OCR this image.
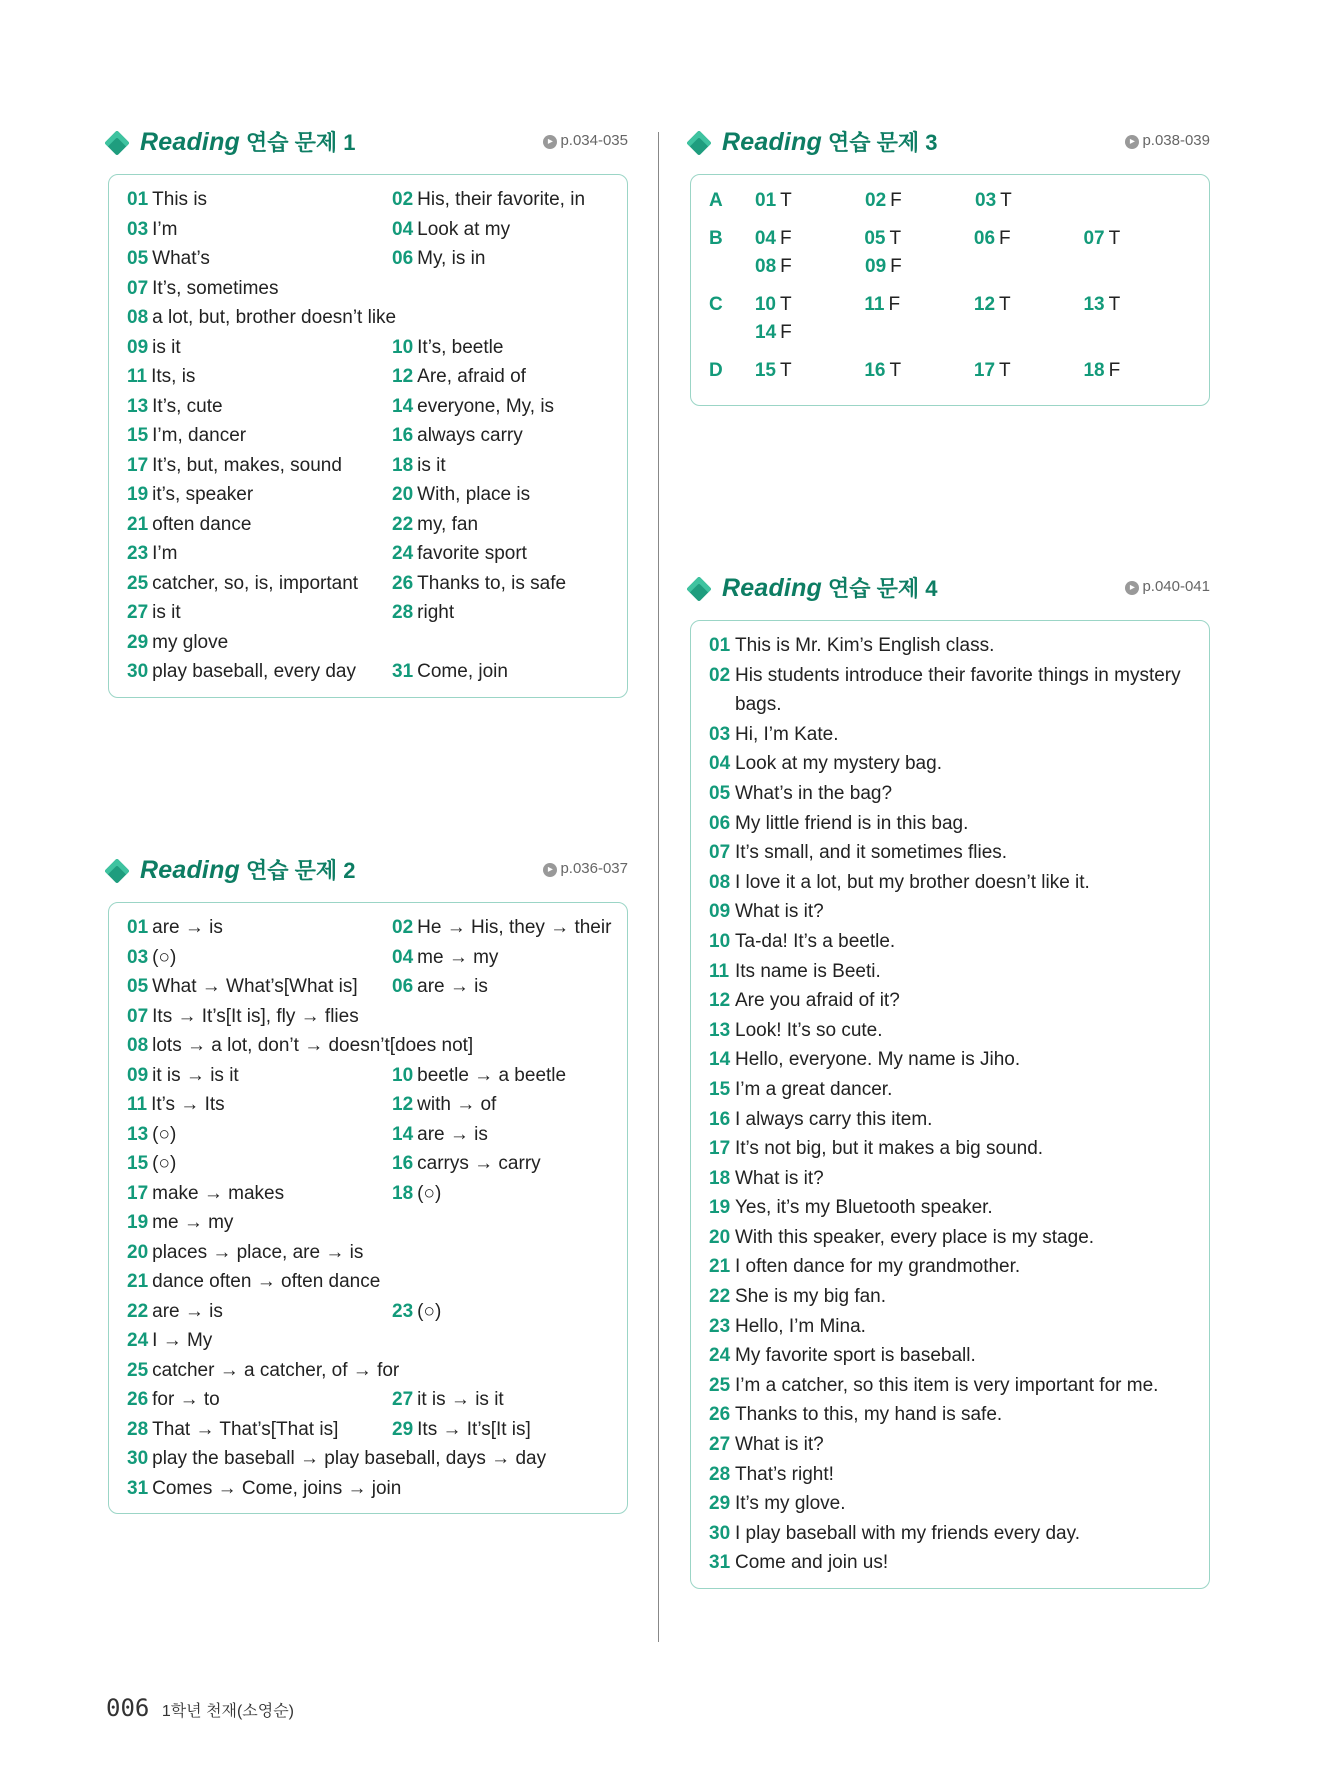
Reading 연습 문제 1	▸ p.034-035
01 This is	02 His, their favorite, in
03 I’m	04 Look at my
05 What’s	06 My, is in
07 It’s, sometimes
08 a lot, but, brother doesn’t like
09 is it	10 It’s, beetle
11 Its, is	12 Are, afraid of
13 It’s, cute	14 everyone, My, is
15 I’m, dancer	16 always carry
17 It’s, but, makes, sound	18 is it
19 it’s, speaker	20 With, place is
21 often dance	22 my, fan
23 I’m	24 favorite sport
25 catcher, so, is, important	26 Thanks to, is safe
27 is it	28 right
29 my glove
30 play baseball, every day	31 Come, join
Reading 연습 문제 2	▸ p.036-037
01 are → is	02 He → His, they → their
03 (○)	04 me → my
05 What → What’s[What is]	06 are → is
07 Its → It’s[It is], fly → flies
08 lots → a lot, don’t → doesn’t[does not]
09 it is → is it	10 beetle → a beetle
11 It’s → Its	12 with → of
13 (○)	14 are → is
15 (○)	16 carrys → carry
17 make → makes	18 (○)
19 me → my
20 places → place, are → is
21 dance often → often dance
22 are → is	23 (○)
24 I → My
25 catcher → a catcher, of → for
26 for → to	27 it is → is it
28 That → That’s[That is]	29 Its → It’s[It is]
30 play the baseball → play baseball, days → day
31 Comes → Come, joins → join
Reading 연습 문제 3	▸ p.038-039
A	01 T	02 F	03 T
B	04 F	05 T	06 F	07 T
08 F	09 F
C	10 T	11 F	12 T	13 T
14 F
D	15 T	16 T	17 T	18 F
Reading 연습 문제 4	▸ p.040-041
01 This is Mr. Kim’s English class.
02 His students introduce their favorite things in mystery bags.
03 Hi, I’m Kate.
04 Look at my mystery bag.
05 What’s in the bag?
06 My little friend is in this bag.
07 It’s small, and it sometimes flies.
08 I love it a lot, but my brother doesn’t like it.
09 What is it?
10 Ta-da! It’s a beetle.
11 Its name is Beeti.
12 Are you afraid of it?
13 Look! It’s so cute.
14 Hello, everyone. My name is Jiho.
15 I’m a great dancer.
16 I always carry this item.
17 It’s not big, but it makes a big sound.
18 What is it?
19 Yes, it’s my Bluetooth speaker.
20 With this speaker, every place is my stage.
21 I often dance for my grandmother.
22 She is my big fan.
23 Hello, I’m Mina.
24 My favorite sport is baseball.
25 I’m a catcher, so this item is very important for me.
26 Thanks to this, my hand is safe.
27 What is it?
28 That’s right!
29 It’s my glove.
30 I play baseball with my friends every day.
31 Come and join us!
006 1학년 천재(소영순)
